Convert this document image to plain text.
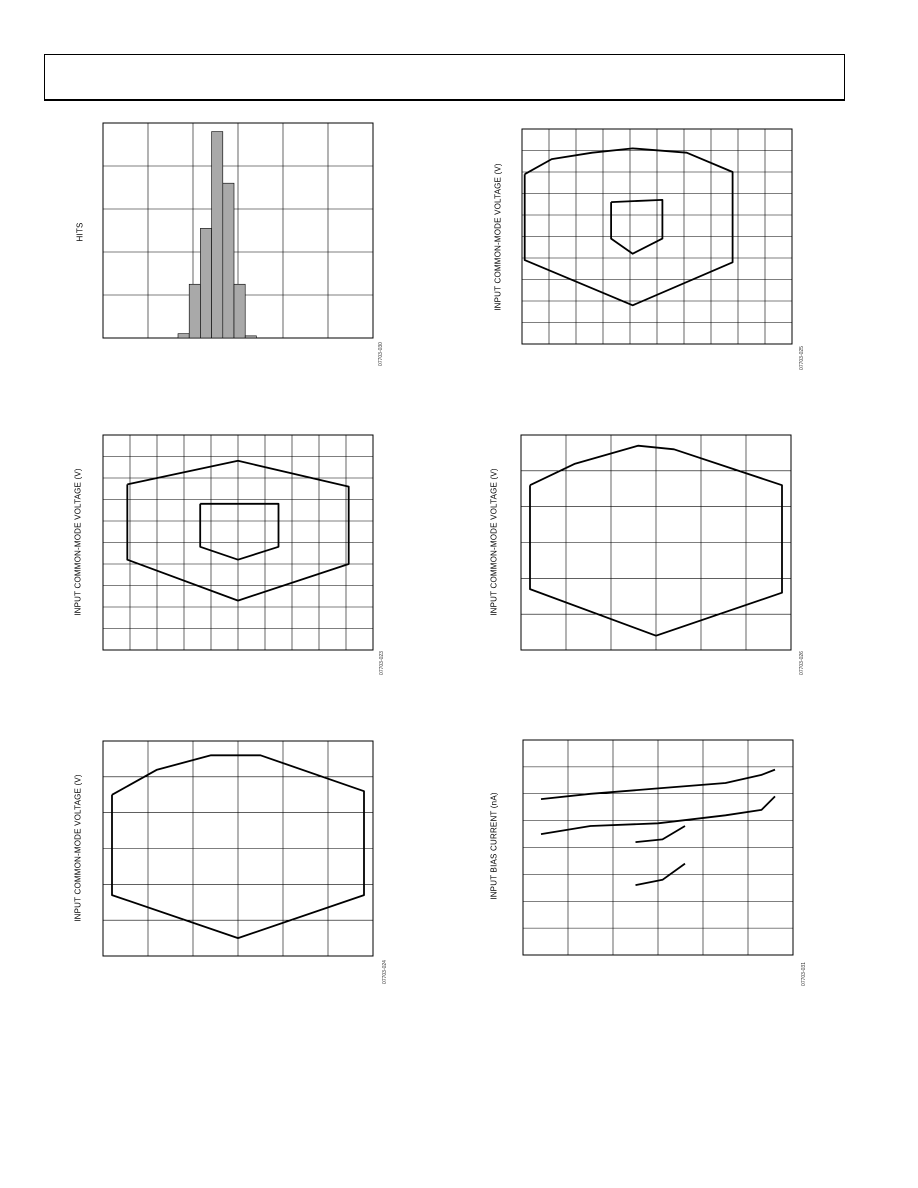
HITS
07703-030
INPUT COMMON-MODE VOLTAGE (V)
07703-025
INPUT COMMON-MODE VOLTAGE (V)
07703-023
INPUT COMMON-MODE VOLTAGE (V)
07703-026
INPUT COMMON-MODE VOLTAGE (V)
07703-024
INPUT BIAS CURRENT (nA)
07703-031
